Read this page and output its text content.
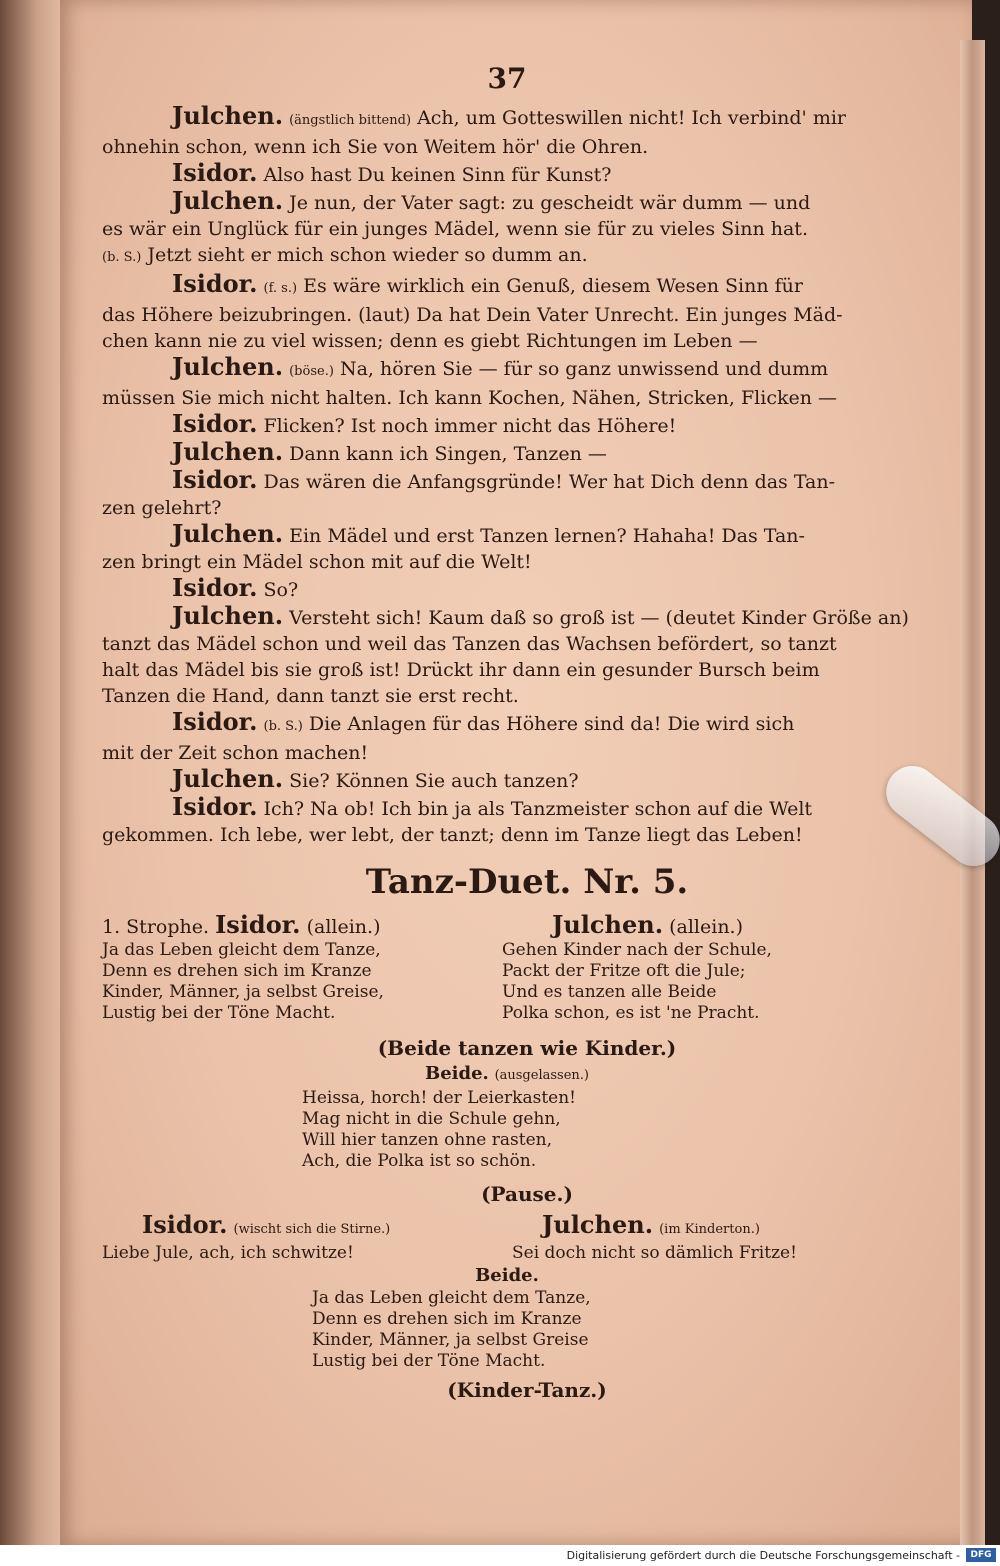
37
Julchen. (ängstlich bittend) Ach, um Gotteswillen nicht! Ich verbind' mir
ohnehin schon, wenn ich Sie von Weitem hör' die Ohren.
Isidor. Also hast Du keinen Sinn für Kunst?
Julchen. Je nun, der Vater sagt: zu gescheidt wär dumm — und
es wär ein Unglück für ein junges Mädel, wenn sie für zu vieles Sinn hat.
(b. S.) Jetzt sieht er mich schon wieder so dumm an.
Isidor. (f. s.) Es wäre wirklich ein Genuß, diesem Wesen Sinn für
das Höhere beizubringen. (laut) Da hat Dein Vater Unrecht. Ein junges Mäd-
chen kann nie zu viel wissen; denn es giebt Richtungen im Leben —
Julchen. (böse.) Na, hören Sie — für so ganz unwissend und dumm
müssen Sie mich nicht halten. Ich kann Kochen, Nähen, Stricken, Flicken —
Isidor. Flicken? Ist noch immer nicht das Höhere!
Julchen. Dann kann ich Singen, Tanzen —
Isidor. Das wären die Anfangsgründe! Wer hat Dich denn das Tan-
zen gelehrt?
Julchen. Ein Mädel und erst Tanzen lernen? Hahaha! Das Tan-
zen bringt ein Mädel schon mit auf die Welt!
Isidor. So?
Julchen. Versteht sich! Kaum daß so groß ist — (deutet Kinder Größe an)
tanzt das Mädel schon und weil das Tanzen das Wachsen befördert, so tanzt
halt das Mädel bis sie groß ist! Drückt ihr dann ein gesunder Bursch beim
Tanzen die Hand, dann tanzt sie erst recht.
Isidor. (b. S.) Die Anlagen für das Höhere sind da! Die wird sich
mit der Zeit schon machen!
Julchen. Sie? Können Sie auch tanzen?
Isidor. Ich? Na ob! Ich bin ja als Tanzmeister schon auf die Welt
gekommen. Ich lebe, wer lebt, der tanzt; denn im Tanze liegt das Leben!
Tanz-Duet. Nr. 5.
1. Strophe. Isidor. (allein.)
Ja das Leben gleicht dem Tanze,
Denn es drehen sich im Kranze
Kinder, Männer, ja selbst Greise,
Lustig bei der Töne Macht.
Julchen. (allein.)
Gehen Kinder nach der Schule,
Packt der Fritze oft die Jule;
Und es tanzen alle Beide
Polka schon, es ist 'ne Pracht.
(Beide tanzen wie Kinder.)
Beide. (ausgelassen.)
Heissa, horch! der Leierkasten!
Mag nicht in die Schule gehn,
Will hier tanzen ohne rasten,
Ach, die Polka ist so schön.
(Pause.)
Isidor. (wischt sich die Stirne.)
Liebe Jule, ach, ich schwitze!
Julchen. (im Kinderton.)
Sei doch nicht so dämlich Fritze!
Beide.
Ja das Leben gleicht dem Tanze,
Denn es drehen sich im Kranze
Kinder, Männer, ja selbst Greise
Lustig bei der Töne Macht.
(Kinder-Tanz.)
Digitalisierung gefördert durch die Deutsche Forschungsgemeinschaft -	DFG
